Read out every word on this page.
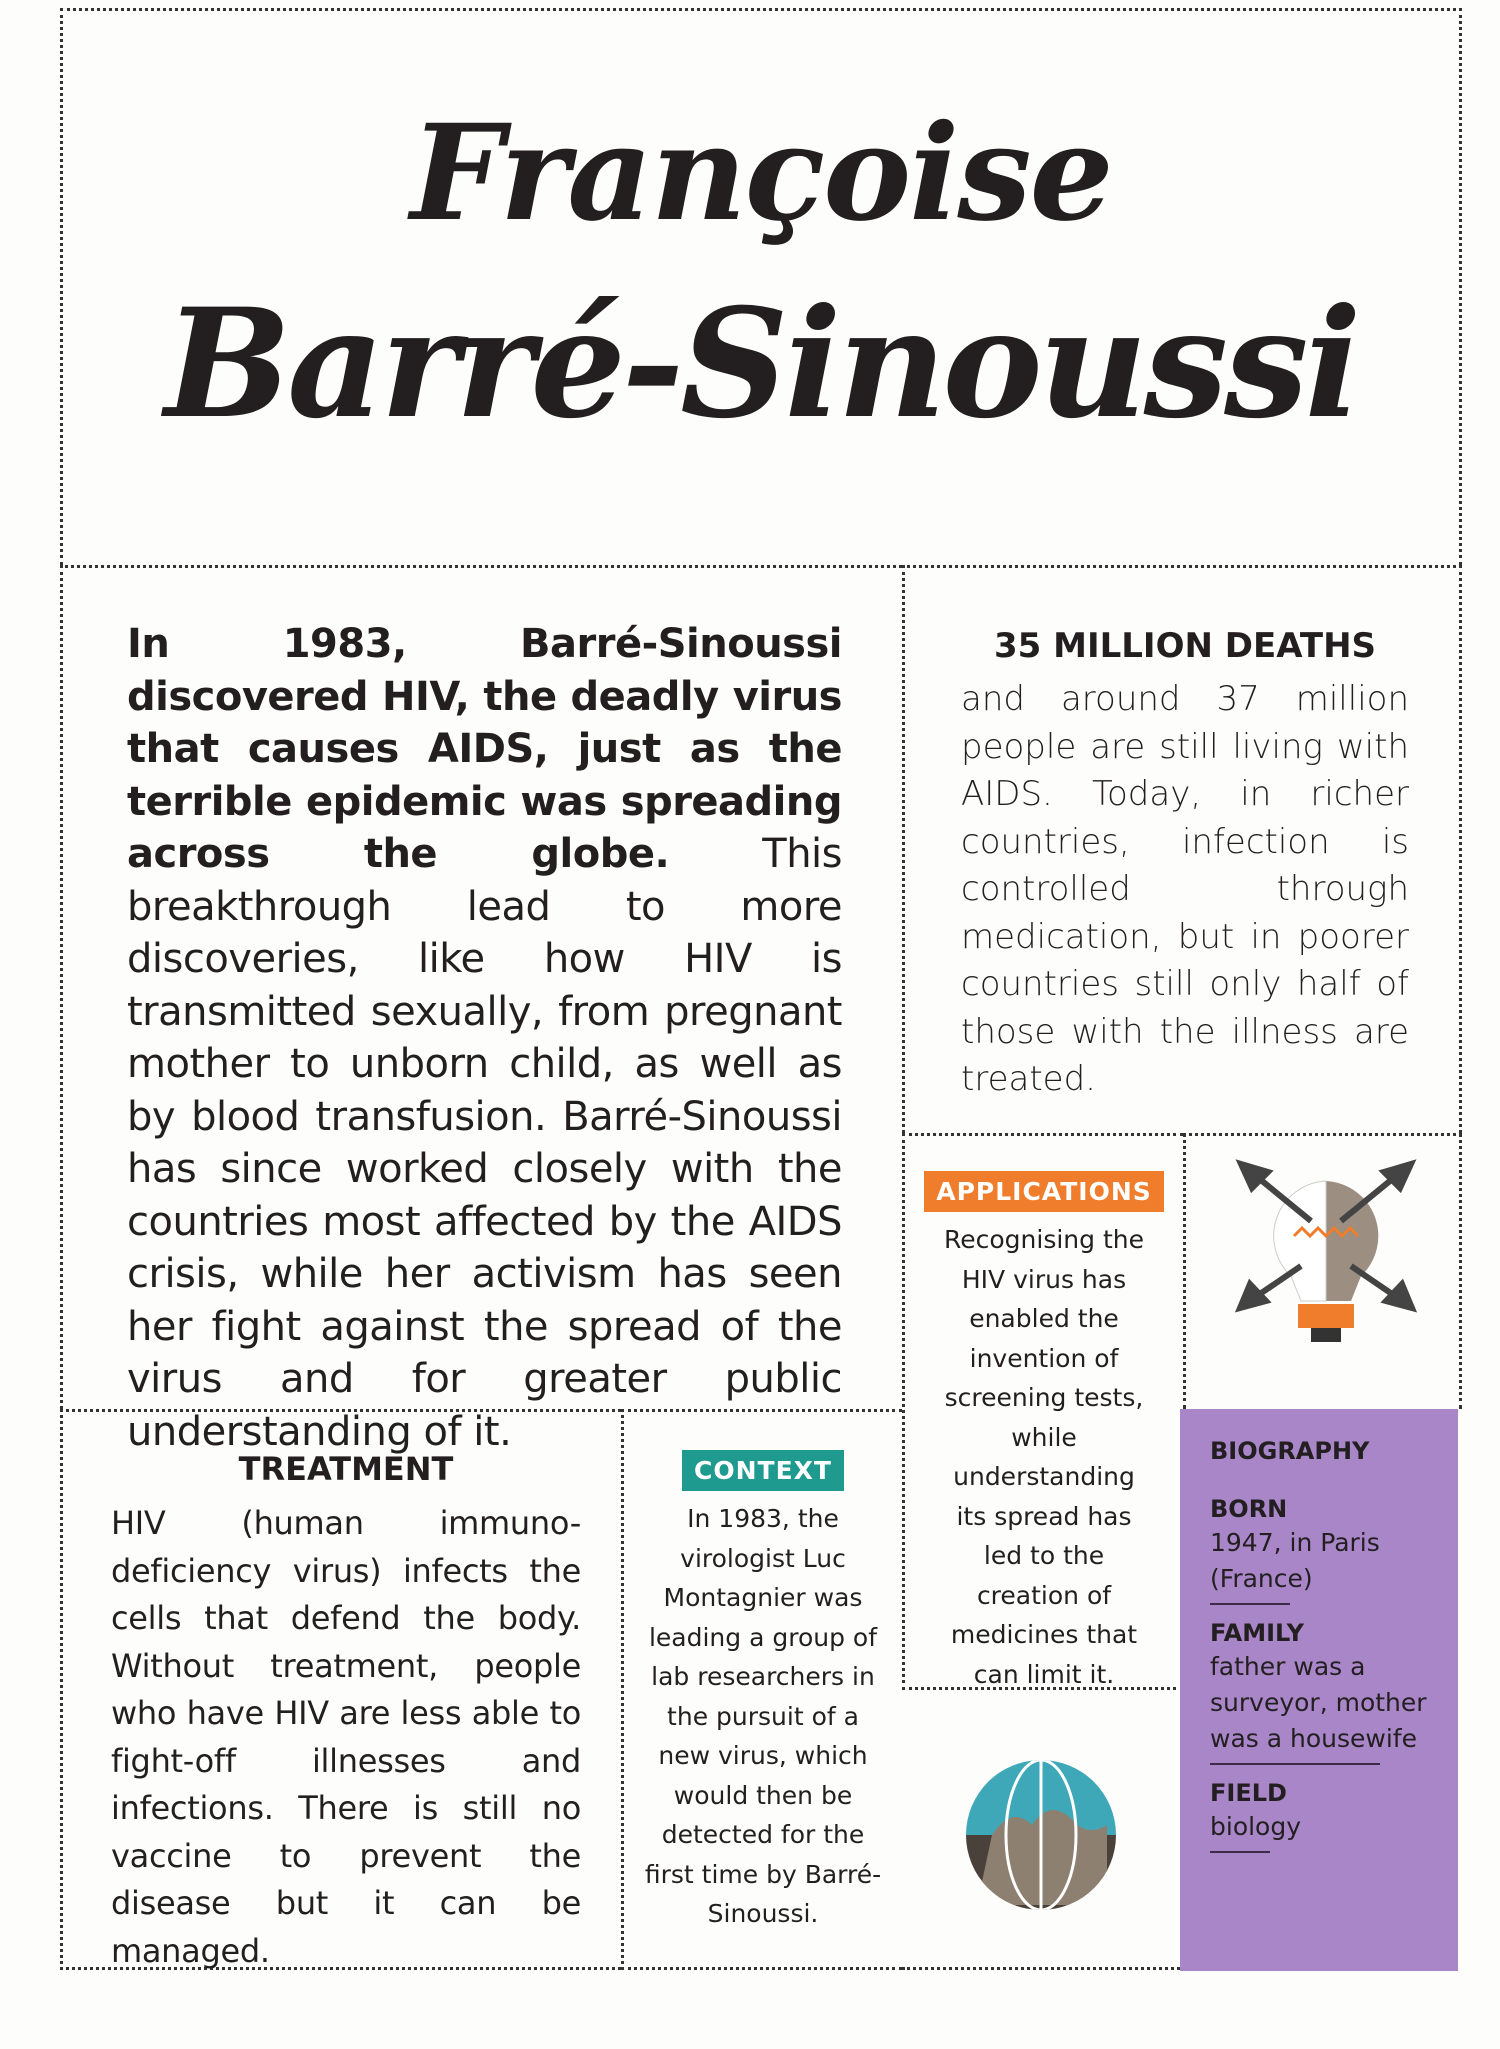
Françoise
Barré-Sinoussi

In 1983, Barré-Sinoussi discovered HIV, the deadly virus that causes AIDS, just as the terrible epidemic was spreading across the globe. This breakthrough lead to more discoveries, like how HIV is transmitted sexually, from pregnant mother to unborn child, as well as by blood transfusion. Barré-Sinoussi has since worked closely with the countries most affected by the AIDS crisis, while her activism has seen her fight against the spread of the virus and for greater public understanding of it.

35 MILLION DEATHS

and around 37 million people are still living with AIDS. Today, in richer countries, infection is controlled through medication, but in poorer countries still only half of those with the illness are treated.

TREATMENT

HIV (human immuno-deficiency virus) infects the cells that defend the body. Without treatment, people who have HIV are less able to fight-off illnesses and infections. There is still no vaccine to prevent the disease but it can be managed.

CONTEXT
In 1983, the virologist Luc Montagnier was leading a group of lab researchers in the pursuit of a new virus, which would then be detected for the first time by Barré-Sinoussi.
APPLICATIONS
Recognising the HIV virus has enabled the invention of screening tests, while understanding its spread has led to the creation of medicines that can limit it.
BIOGRAPHY
BORN
1947, in Paris (France)
FAMILY
father was a surveyor, mother was a housewife
FIELD
biology
